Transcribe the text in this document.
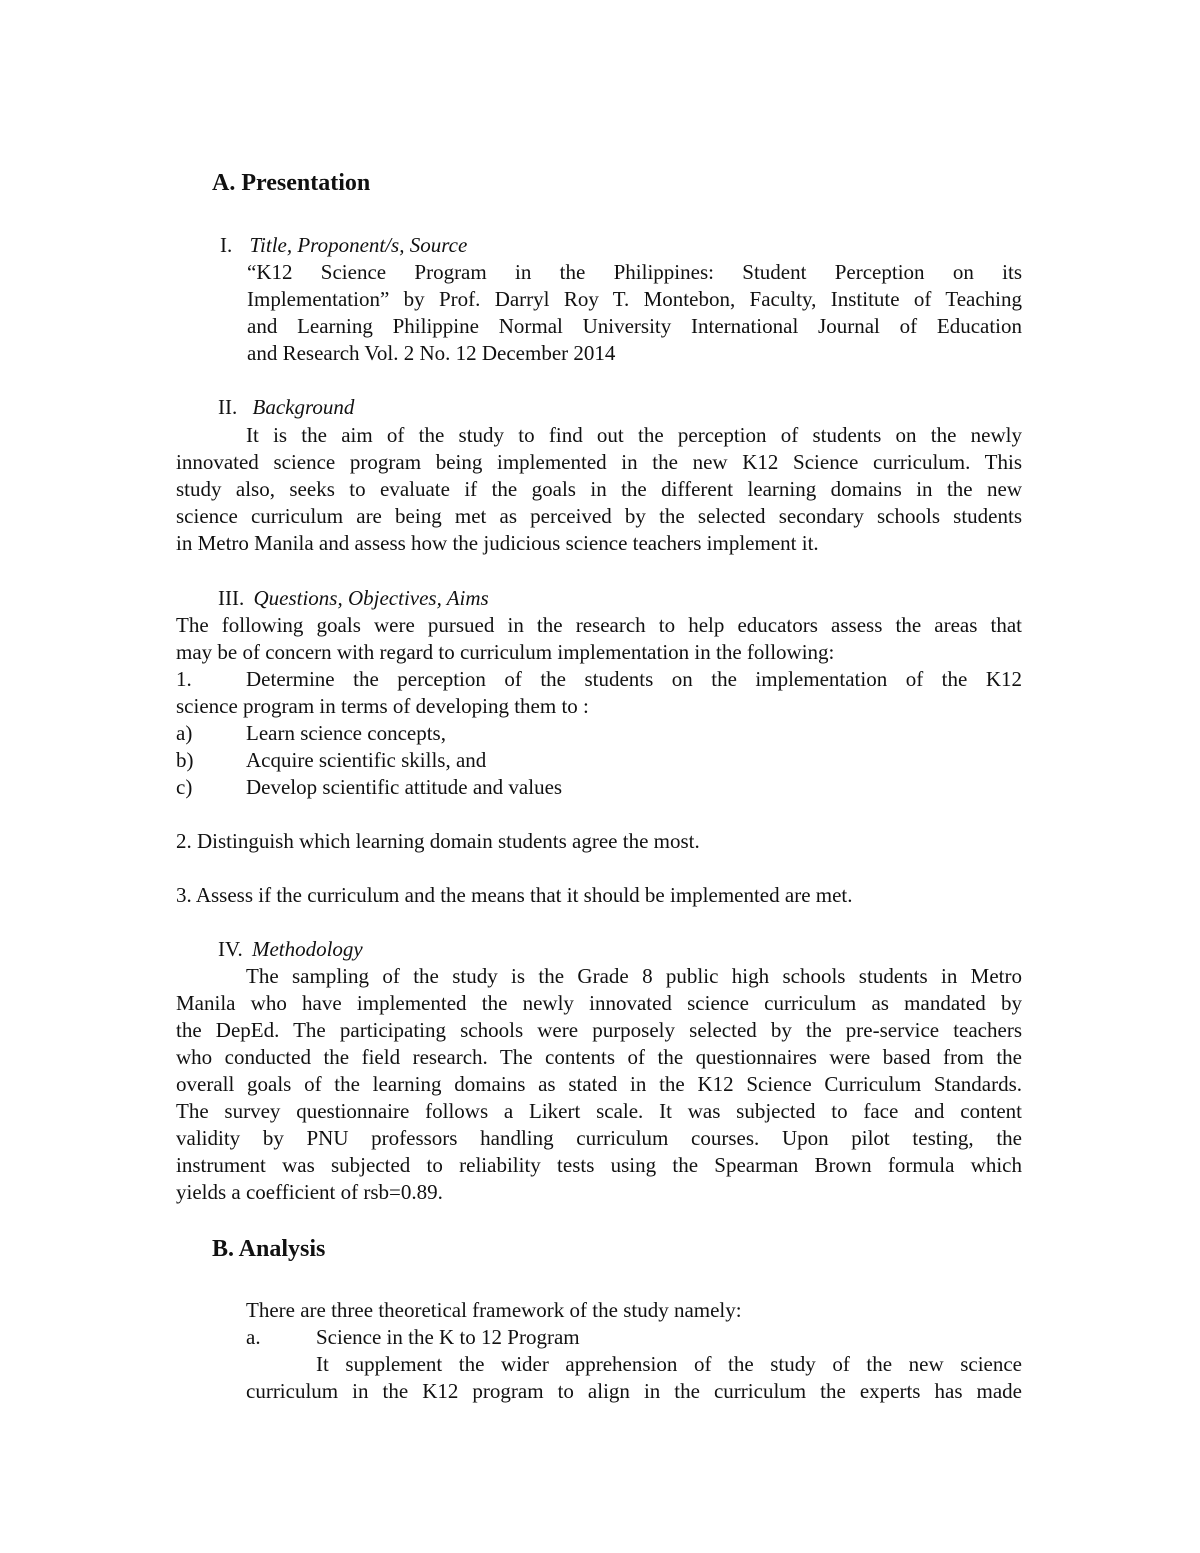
A. Presentation
I. Title, Proponent/s, Source
“K12 Science Program in the Philippines: Student Perception on its
Implementation” by Prof. Darryl Roy T. Montebon, Faculty, Institute of Teaching
and Learning Philippine Normal University International Journal of Education
and Research Vol. 2 No. 12 December 2014
II. Background
It is the aim of the study to find out the perception of students on the newly
innovated science program being implemented in the new K12 Science curriculum. This
study also, seeks to evaluate if the goals in the different learning domains in the new
science curriculum are being met as perceived by the selected secondary schools students
in Metro Manila and assess how the judicious science teachers implement it.
III. Questions, Objectives, Aims
The following goals were pursued in the research to help educators assess the areas that
may be of concern with regard to curriculum implementation in the following:
1.	Determine the perception of the students on the implementation of the K12
science program in terms of developing them to :
a)	Learn science concepts,
b)	Acquire scientific skills, and
c)	Develop scientific attitude and values
2. Distinguish which learning domain students agree the most.
3. Assess if the curriculum and the means that it should be implemented are met.
IV. Methodology
The sampling of the study is the Grade 8 public high schools students in Metro
Manila who have implemented the newly innovated science curriculum as mandated by
the DepEd. The participating schools were purposely selected by the pre-service teachers
who conducted the field research. The contents of the questionnaires were based from the
overall goals of the learning domains as stated in the K12 Science Curriculum Standards.
The survey questionnaire follows a Likert scale. It was subjected to face and content
validity by PNU professors handling curriculum courses. Upon pilot testing, the
instrument was subjected to reliability tests using the Spearman Brown formula which
yields a coefficient of rsb=0.89.
B. Analysis
There are three theoretical framework of the study namely:
a.	Science in the K to 12 Program
It supplement the wider apprehension of the study of the new science
curriculum in the K12 program to align in the curriculum the experts has made
